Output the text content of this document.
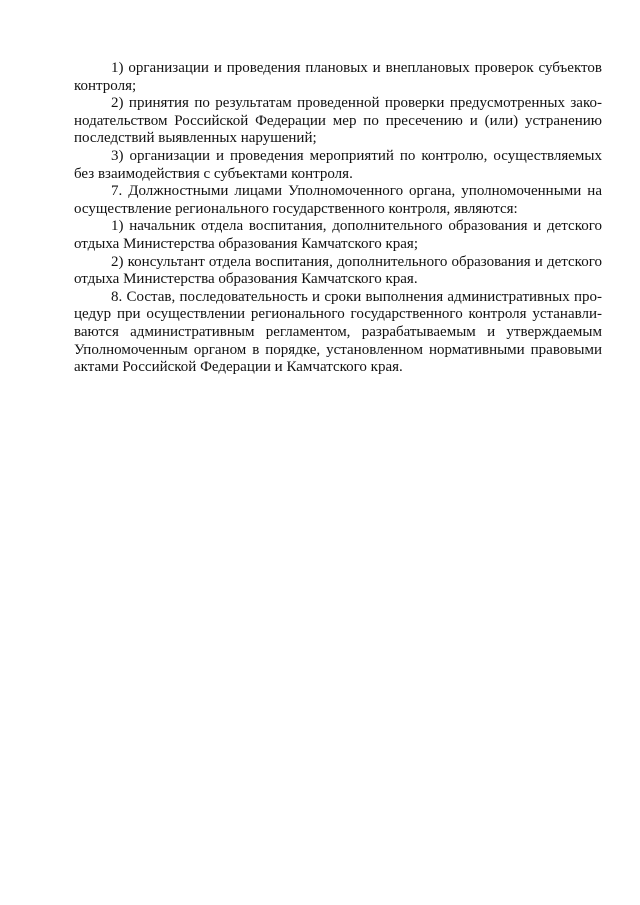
1) организации и проведения плановых и внеплановых проверок субъектов контроля;

2) принятия по результатам проведенной проверки предусмотренных законодательством Российской Федерации мер по пресечению и (или) устранению последствий выявленных нарушений;

3) организации и проведения мероприятий по контролю, осуществляемых без взаимодействия с субъектами контроля.

7. Должностными лицами Уполномоченного органа, уполномоченными на осуществление регионального государственного контроля, являются:

1) начальник отдела воспитания, дополнительного образования и детского отдыха Министерства образования Камчатского края;

2) консультант отдела воспитания, дополнительного образования и детского отдыха Министерства образования Камчатского края.

8. Состав, последовательность и сроки выполнения административных процедур при осуществлении регионального государственного контроля устанавливаются административным регламентом, разрабатываемым и утверждаемым Уполномоченным органом в порядке, установленном нормативными правовыми актами Российской Федерации и Камчатского края.
